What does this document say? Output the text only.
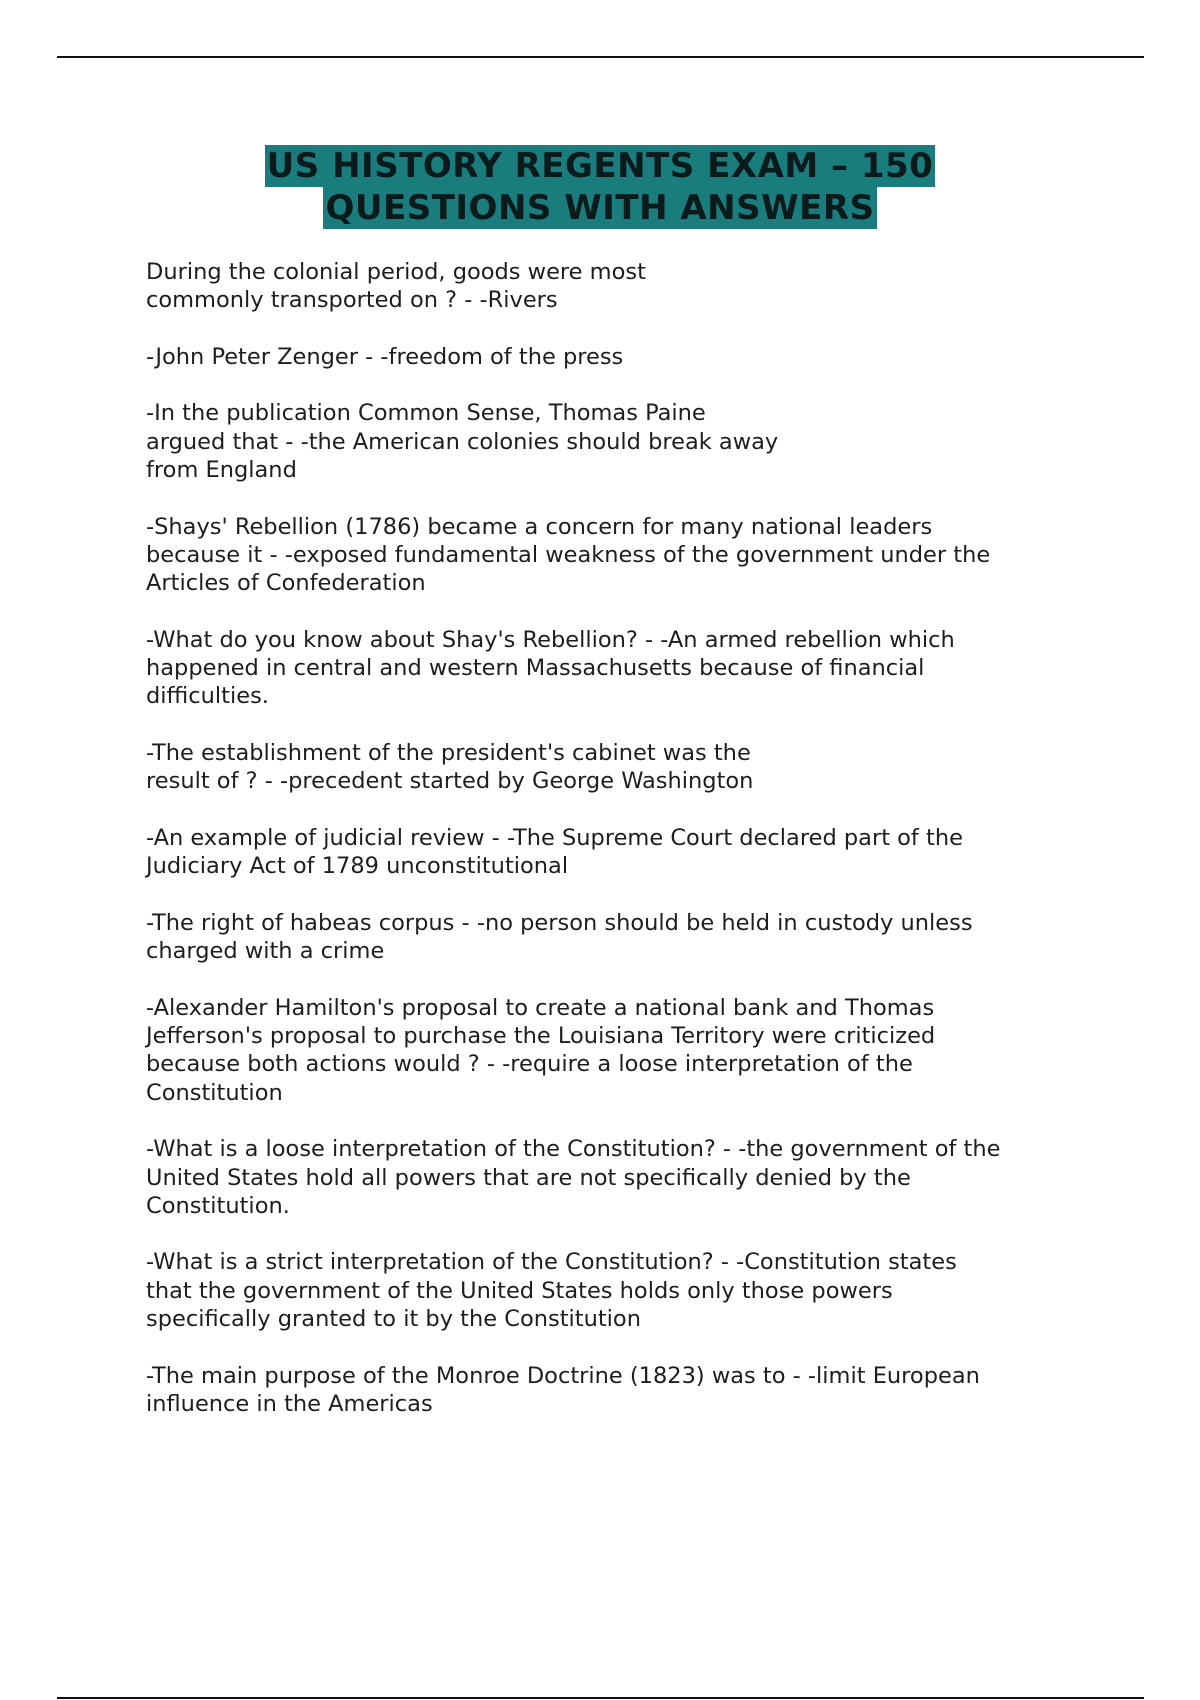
US HISTORY REGENTS EXAM – 150
QUESTIONS WITH ANSWERS

During the colonial period, goods were most
commonly transported on ? - -Rivers

-John Peter Zenger - -freedom of the press

-In the publication Common Sense, Thomas Paine
argued that - -the American colonies should break away
from England

-Shays' Rebellion (1786) became a concern for many national leaders
because it - -exposed fundamental weakness of the government under the
Articles of Confederation

-What do you know about Shay's Rebellion? - -An armed rebellion which
happened in central and western Massachusetts because of financial
difficulties.

-The establishment of the president's cabinet was the
result of ? - -precedent started by George Washington

-An example of judicial review - -The Supreme Court declared part of the
Judiciary Act of 1789 unconstitutional

-The right of habeas corpus - -no person should be held in custody unless
charged with a crime

-Alexander Hamilton's proposal to create a national bank and Thomas
Jefferson's proposal to purchase the Louisiana Territory were criticized
because both actions would ? - -require a loose interpretation of the
Constitution

-What is a loose interpretation of the Constitution? - -the government of the
United States hold all powers that are not specifically denied by the
Constitution.

-What is a strict interpretation of the Constitution? - -Constitution states
that the government of the United States holds only those powers
specifically granted to it by the Constitution

-The main purpose of the Monroe Doctrine (1823) was to - -limit European
influence in the Americas
